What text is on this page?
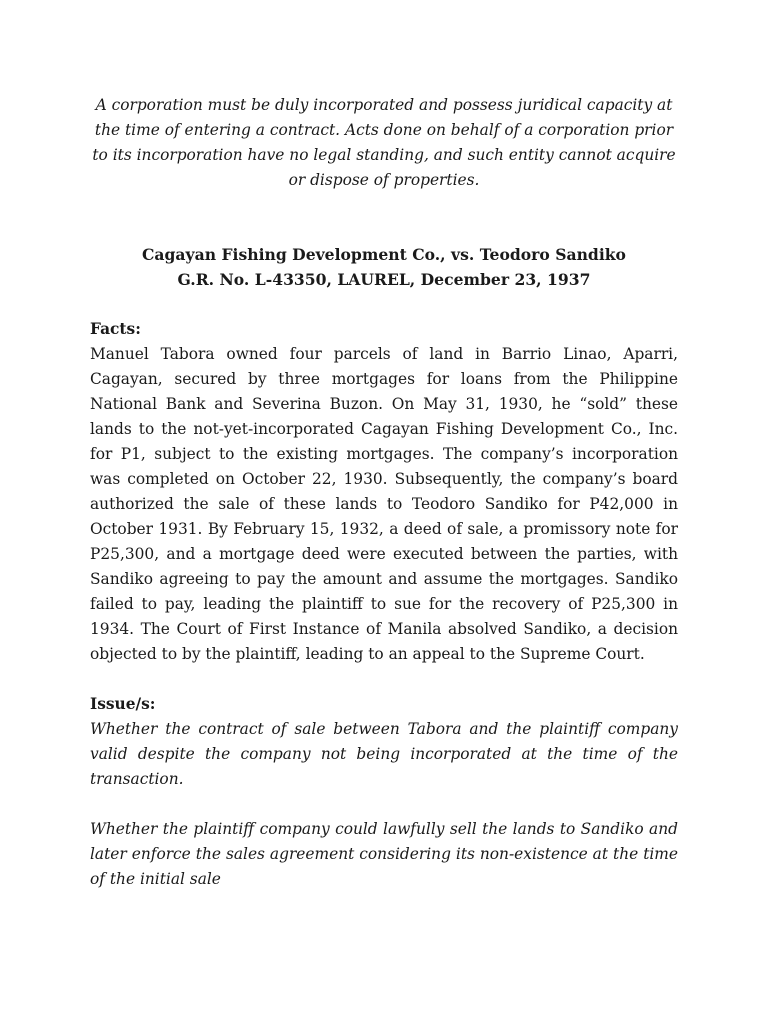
A corporation must be duly incorporated and possess juridical capacity at the time of entering a contract. Acts done on behalf of a corporation prior to its incorporation have no legal standing, and such entity cannot acquire or dispose of properties.

Cagayan Fishing Development Co., vs. Teodoro Sandiko
G.R. No. L-43350, LAUREL, December 23, 1937
Facts:
Manuel Tabora owned four parcels of land in Barrio Linao, Aparri,
Cagayan, secured by three mortgages for loans from the Philippine
National Bank and Severina Buzon. On May 31, 1930, he “sold” these
lands to the not-yet-incorporated Cagayan Fishing Development Co., Inc.
for P1, subject to the existing mortgages. The company’s incorporation
was completed on October 22, 1930. Subsequently, the company’s board
authorized the sale of these lands to Teodoro Sandiko for P42,000 in
October 1931. By February 15, 1932, a deed of sale, a promissory note for
P25,300, and a mortgage deed were executed between the parties, with
Sandiko agreeing to pay the amount and assume the mortgages. Sandiko
failed to pay, leading the plaintiff to sue for the recovery of P25,300 in
1934. The Court of First Instance of Manila absolved Sandiko, a decision
objected to by the plaintiff, leading to an appeal to the Supreme Court.
Issue/s:
Whether the contract of sale between Tabora and the plaintiff company
valid despite the company not being incorporated at the time of the
transaction.
Whether the plaintiff company could lawfully sell the lands to Sandiko and
later enforce the sales agreement considering its non-existence at the time
of the initial sale
